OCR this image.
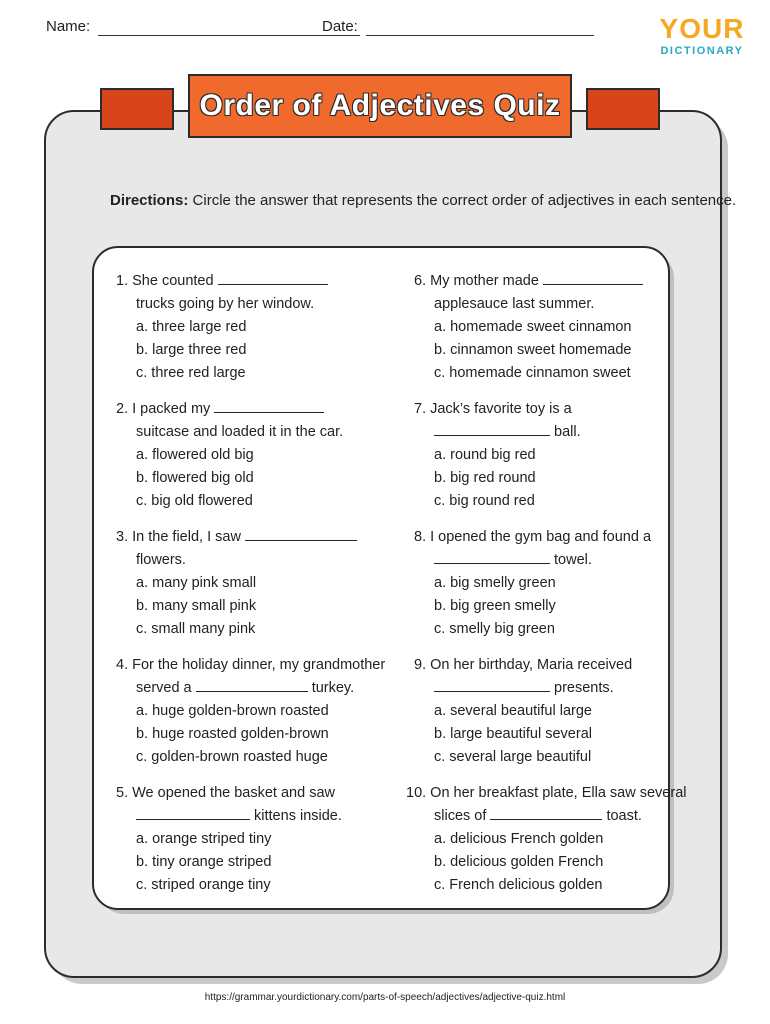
Name:	Date:	YOUR
DICTIONARY
Order of Adjectives Quiz
Directions: Circle the answer that represents the correct order of adjectives in each sentence.
1. She counted
trucks going by her window.
a. three large red
b. large three red
c. three red large
2. I packed my
suitcase and loaded it in the car.
a. flowered old big
b. flowered big old
c. big old flowered
3. In the field, I saw
flowers.
a. many pink small
b. many small pink
c. small many pink
4. For the holiday dinner, my grandmother
served a	turkey.
a. huge golden-brown roasted
b. huge roasted golden-brown
c. golden-brown roasted huge
5. We opened the basket and saw
kittens inside.
a. orange striped tiny
b. tiny orange striped
c. striped orange tiny
6. My mother made
applesauce last summer.
a. homemade sweet cinnamon
b. cinnamon sweet homemade
c. homemade cinnamon sweet
7. Jack’s favorite toy is a
ball.
a. round big red
b. big red round
c. big round red
8. I opened the gym bag and found a
towel.
a. big smelly green
b. big green smelly
c. smelly big green
9. On her birthday, Maria received
presents.
a. several beautiful large
b. large beautiful several
c. several large beautiful
10. On her breakfast plate, Ella saw several
slices of	toast.
a. delicious French golden
b. delicious golden French
c. French delicious golden
https://grammar.yourdictionary.com/parts-of-speech/adjectives/adjective-quiz.html
